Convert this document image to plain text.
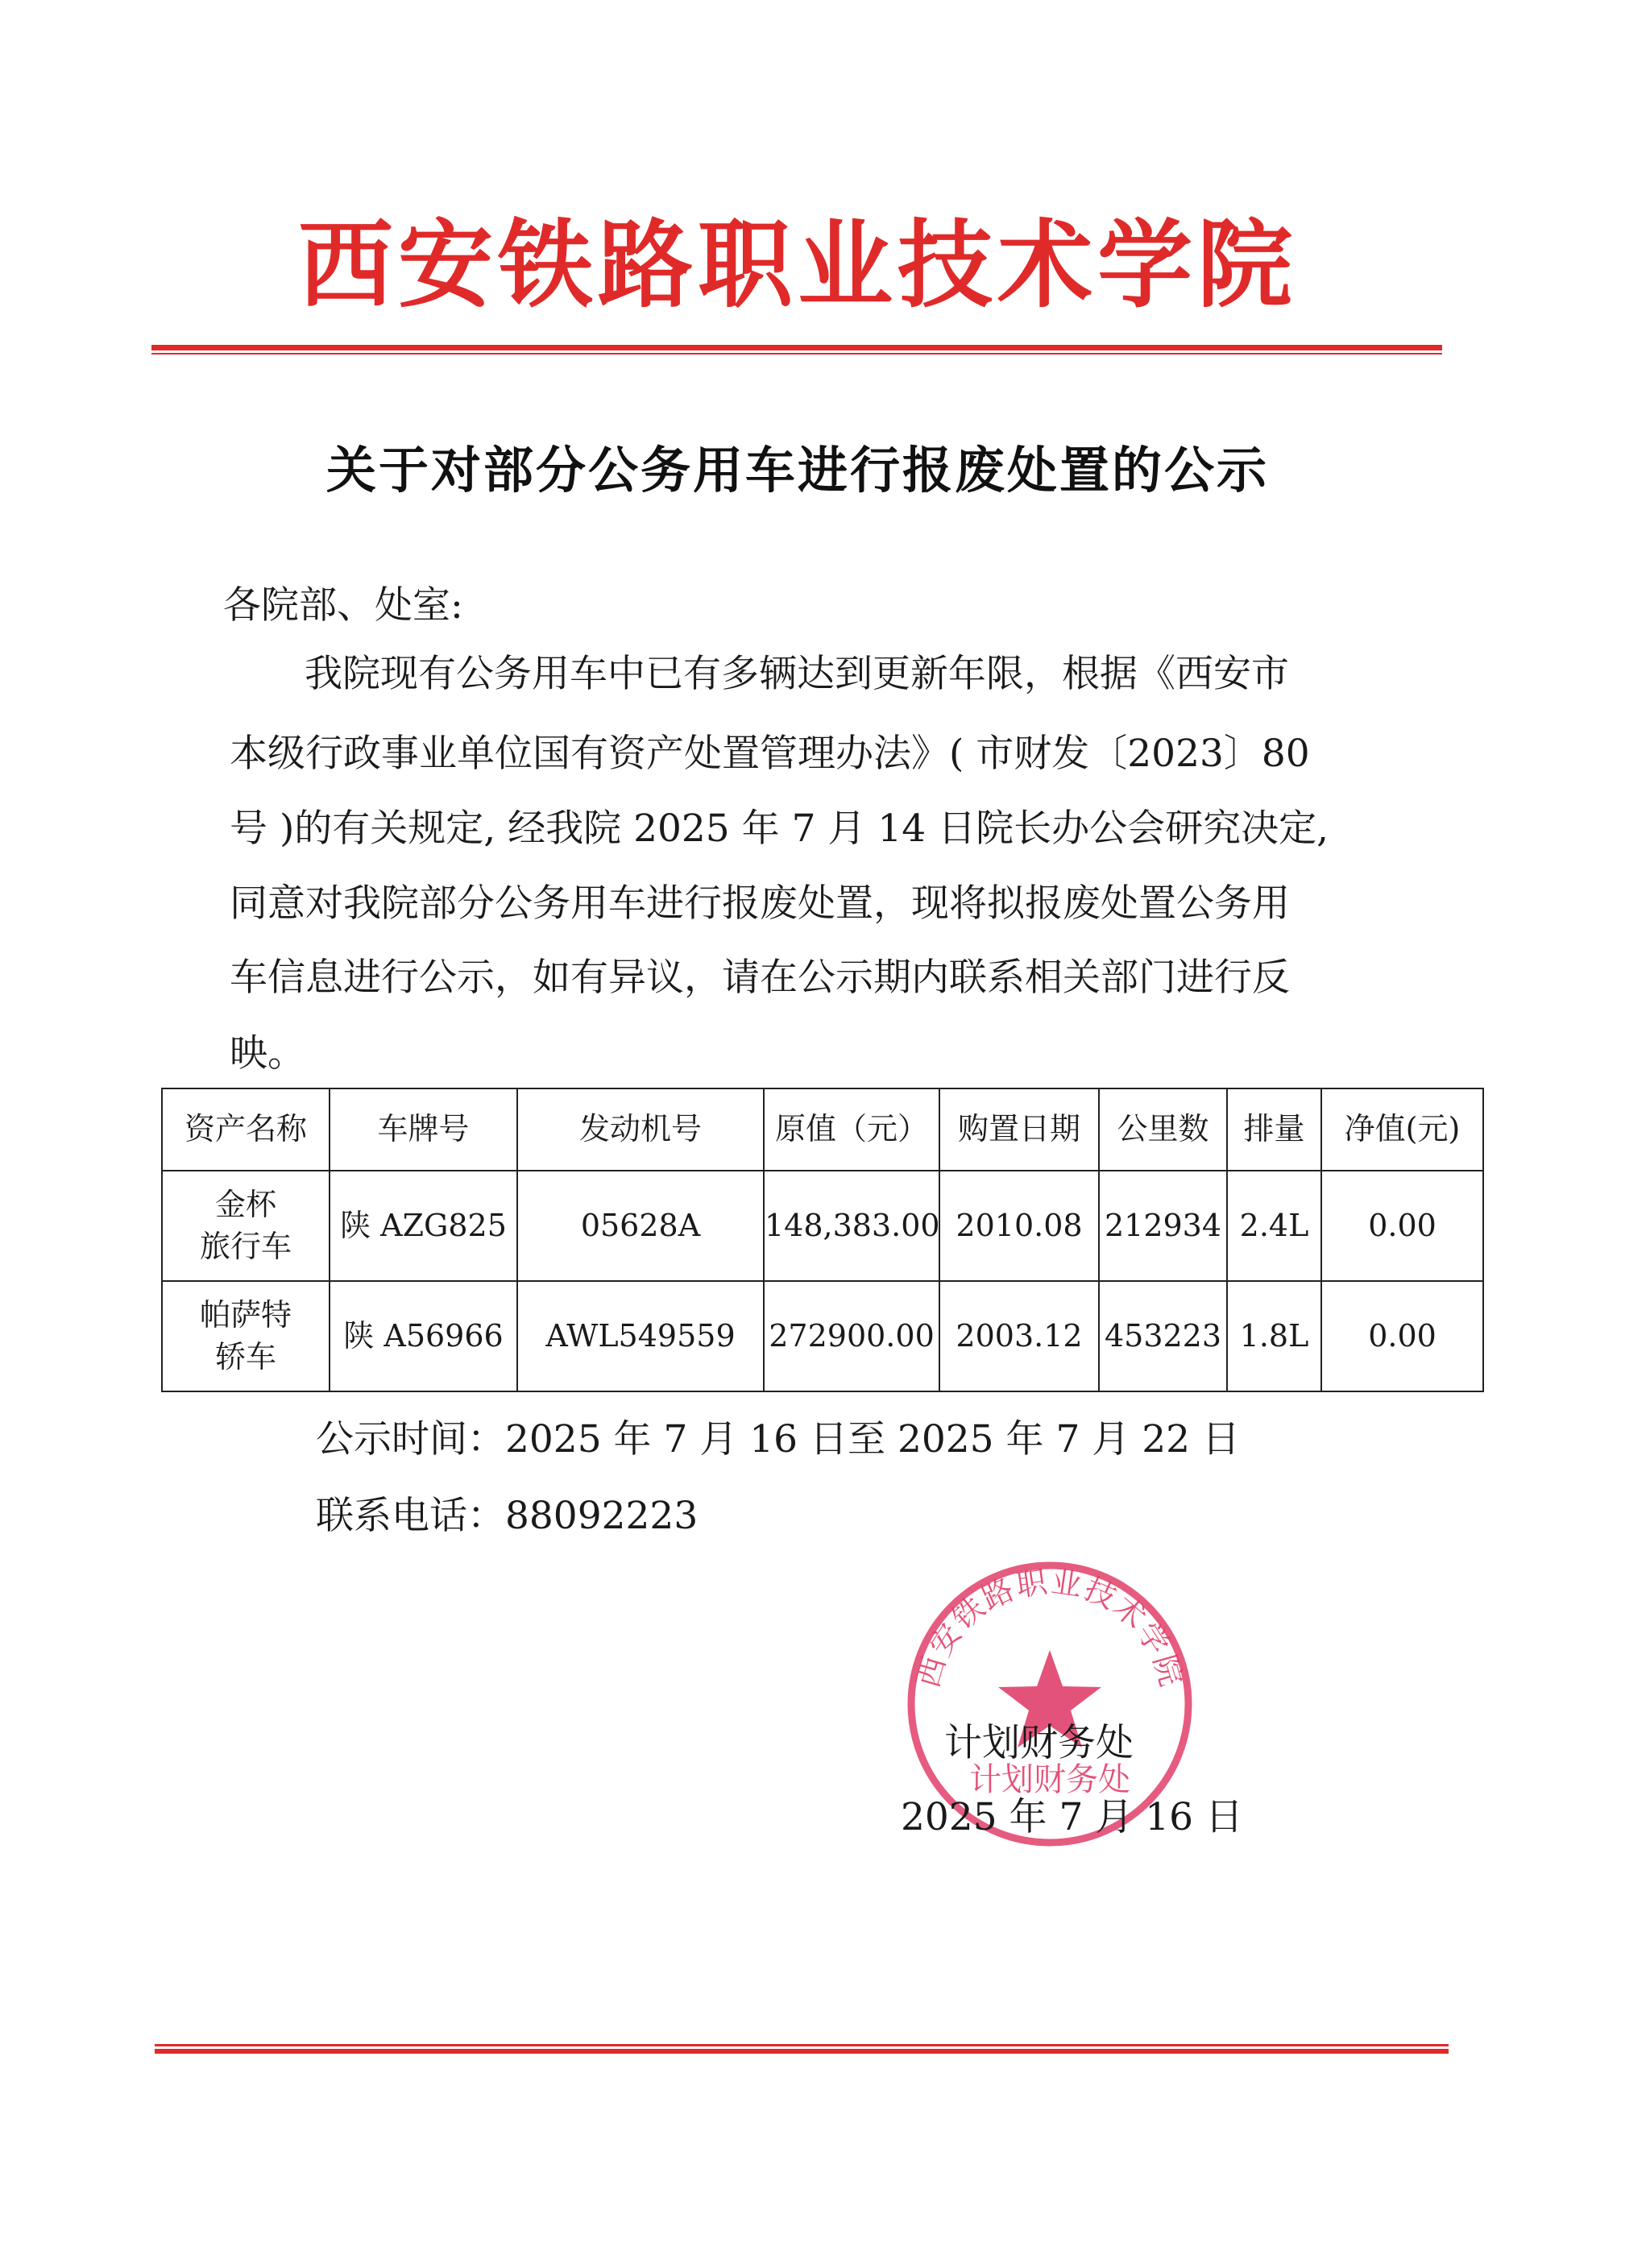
西安铁路职业技术学院
关于对部分公务用车进行报废处置的公示
各院部、处室:
我院现有公务用车中已有多辆达到更新年限，根据《西安市
本级行政事业单位国有资产处置管理办法》( 市财发〔2023〕80
号 )的有关规定, 经我院 2025 年 7 月 14 日院长办公会研究决定,
同意对我院部分公务用车进行报废处置，现将拟报废处置公务用
车信息进行公示，如有异议，请在公示期内联系相关部门进行反
映。
资产名称	车牌号	发动机号	原值（元）	购置日期	公里数	排量	净值(元)

金杯
旅行车	陕 AZG825	05628A	148,383.00	2010.08	212934	2.4L	0.00

帕萨特
轿车	陕 A56966	AWL549559	272900.00	2003.12	453223	1.8L	0.00
公示时间：2025 年 7 月 16 日至 2025 年 7 月 22 日
联系电话：88092223
西安铁路职业技术学院
计划财务处
计划财务处
2025 年 7 月 16 日
